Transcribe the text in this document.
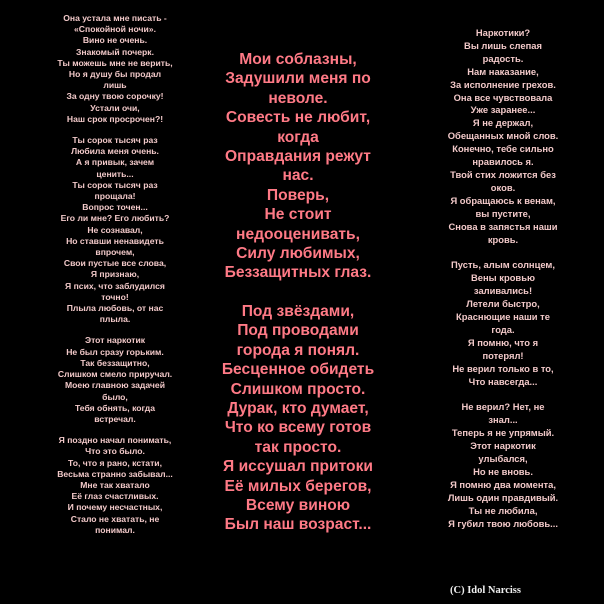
Она устала мне писать -
«Спокойной ночи».
Вино не очень.
Знакомый почерк.
Ты можешь мне не верить,
Но я душу бы продал
лишь
За одну твою сорочку!
Устали очи,
Наш срок просрочен?!
Ты сорок тысяч раз
Любила меня очень.
А я привык, зачем
ценить...
Ты сорок тысяч раз
прощала!
Вопрос точен...
Его ли мне? Его любить?
Не сознавал,
Но ставши ненавидеть
впрочем,
Свои пустые все слова,
Я признаю,
Я псих, что заблудился
точно!
Плыла любовь, от нас
плыла.
Этот наркотик
Не был сразу горьким.
Так беззащитно,
Слишком смело приручал.
Моею главною задачей
было,
Тебя обнять, когда
встречал.
Я поздно начал понимать,
Что это было.
То, что я рано, кстати,
Весьма странно забывал...
Мне так хватало
Её глаз счастливых.
И почему несчастных,
Стало не хватать, не
понимал.
Мои соблазны,
Задушили меня по
неволе.
Совесть не любит,
когда
Оправдания режут
нас.
Поверь,
Не стоит
недооценивать,
Силу любимых,
Беззащитных глаз.
Под звёздами,
Под проводами
города я понял.
Бесценное обидеть
Слишком просто.
Дурак, кто думает,
Что ко всему готов
так просто.
Я иссушал притоки
Её милых берегов,
Всему виною
Был наш возраст...
Наркотики?
Вы лишь слепая
радость.
Нам наказание,
За исполнение грехов.
Она все чувствовала
Уже заранее...
Я не держал,
Обещанных мной слов.
Конечно, тебе сильно
нравилось я.
Твой стих ложится без
оков.
Я обращаюсь к венам,
вы пустите,
Снова в запястья наши
кровь.
Пусть, алым солнцем,
Вены кровью
заливались!
Летели быстро,
Краснющие наши те
года.
Я помню, что я
потерял!
Не верил только в то,
Что навсегда...
Не верил? Нет, не
знал...
Теперь я не упрямый.
Этот наркотик
улыбался,
Но не вновь.
Я помню два момента,
Лишь один правдивый.
Ты не любила,
Я губил твою любовь...
(C) Idol Narciss
